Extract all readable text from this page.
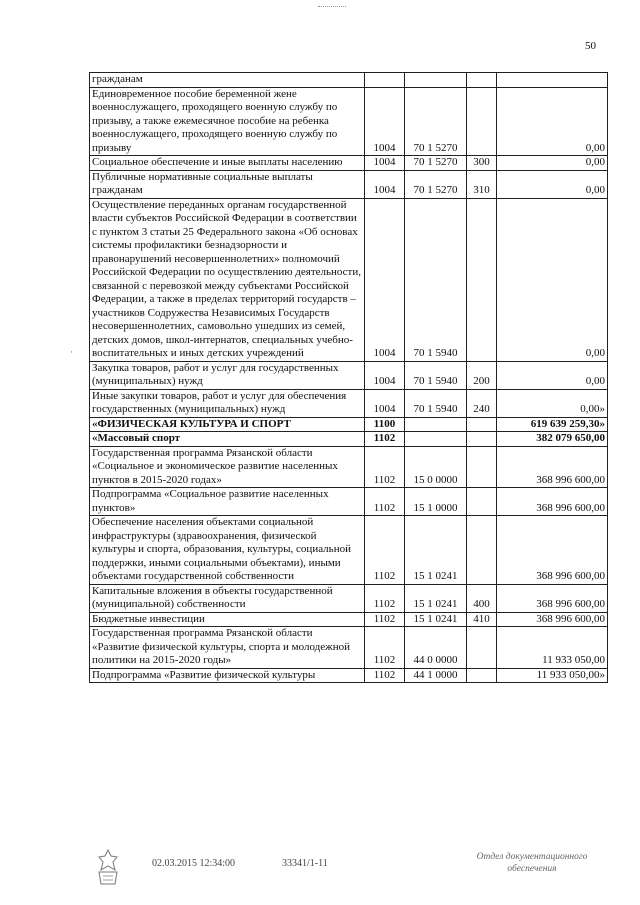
50
·
гражданам				
Единовременное пособие беременной жене военнослужащего, проходящего военную службу по призыву, а также ежемесячное пособие на ребенка военнослужащего, проходящего военную службу по призыву	1004	70 1 5270		0,00
Социальное обеспечение и иные выплаты населению	1004	70 1 5270	300	0,00
Публичные нормативные социальные выплаты гражданам	1004	70 1 5270	310	0,00
Осуществление переданных органам государственной власти субъектов Российской Федерации в соответствии с пунктом 3 статьи 25 Федерального закона «Об основах системы профилактики безнадзорности и правонарушений несовершеннолетних» полномочий Российской Федерации по осуществлению деятельности, связанной с перевозкой между субъектами Российской Федерации, а также в пределах территорий государств – участников Содружества Независимых Государств несовершеннолетних, самовольно ушедших из семей, детских домов, школ-интернатов, специальных учебно-воспитательных и иных детских учреждений	1004	70 1 5940		0,00
Закупка товаров, работ и услуг для государственных (муниципальных) нужд	1004	70 1 5940	200	0,00
Иные закупки товаров, работ и услуг для обеспечения государственных (муниципальных) нужд	1004	70 1 5940	240	0,00»
«ФИЗИЧЕСКАЯ КУЛЬТУРА И СПОРТ	1100			619 639 259,30»
«Массовый спорт	1102			382 079 650,00
Государственная программа Рязанской области «Социальное и экономическое развитие населенных пунктов в 2015-2020 годах»	1102	15 0 0000		368 996 600,00
Подпрограмма «Социальное развитие населенных пунктов»	1102	15 1 0000		368 996 600,00
Обеспечение населения объектами социальной инфраструктуры (здравоохранения, физической культуры и спорта, образования, культуры, социальной поддержки, иными социальными объектами), иными объектами государственной собственности	1102	15 1 0241		368 996 600,00
Капитальные вложения в объекты государственной (муниципальной) собственности	1102	15 1 0241	400	368 996 600,00
Бюджетные инвестиции	1102	15 1 0241	410	368 996 600,00
Государственная программа Рязанской области «Развитие физической культуры, спорта и молодежной политики на 2015-2020 годы»	1102	44 0 0000		11 933 050,00
Подпрограмма «Развитие физической культуры	1102	44 1 0000		11 933 050,00»
02.03.2015 12:34:00	33341/1-11
Отдел документационного обеспечения
